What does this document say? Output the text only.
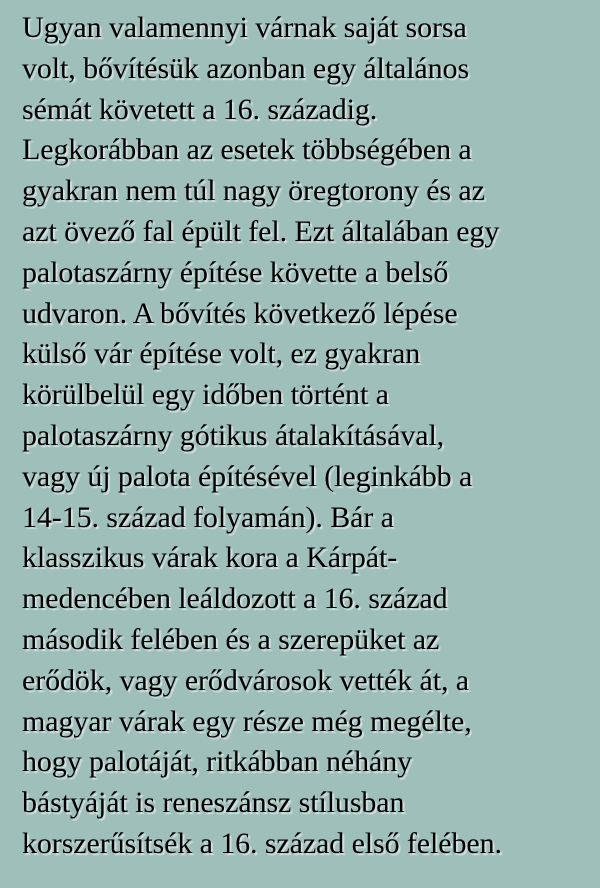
Ugyan valamennyi várnak saját sorsa
volt, bővítésük azonban egy általános
sémát követett a 16. századig.
Legkorábban az esetek többségében a
gyakran nem túl nagy öregtorony és az
azt övező fal épült fel. Ezt általában egy
palotaszárny építése követte a belső
udvaron. A bővítés következő lépése
külső vár építése volt, ez gyakran
körülbelül egy időben történt a
palotaszárny gótikus átalakításával,
vagy új palota építésével (leginkább a
14-15. század folyamán). Bár a
klasszikus várak kora a Kárpát-
medencében leáldozott a 16. század
második felében és a szerepüket az
erődök, vagy erődvárosok vették át, a
magyar várak egy része még megélte,
hogy palotáját, ritkábban néhány
bástyáját is reneszánsz stílusban
korszerűsítsék a 16. század első felében.
